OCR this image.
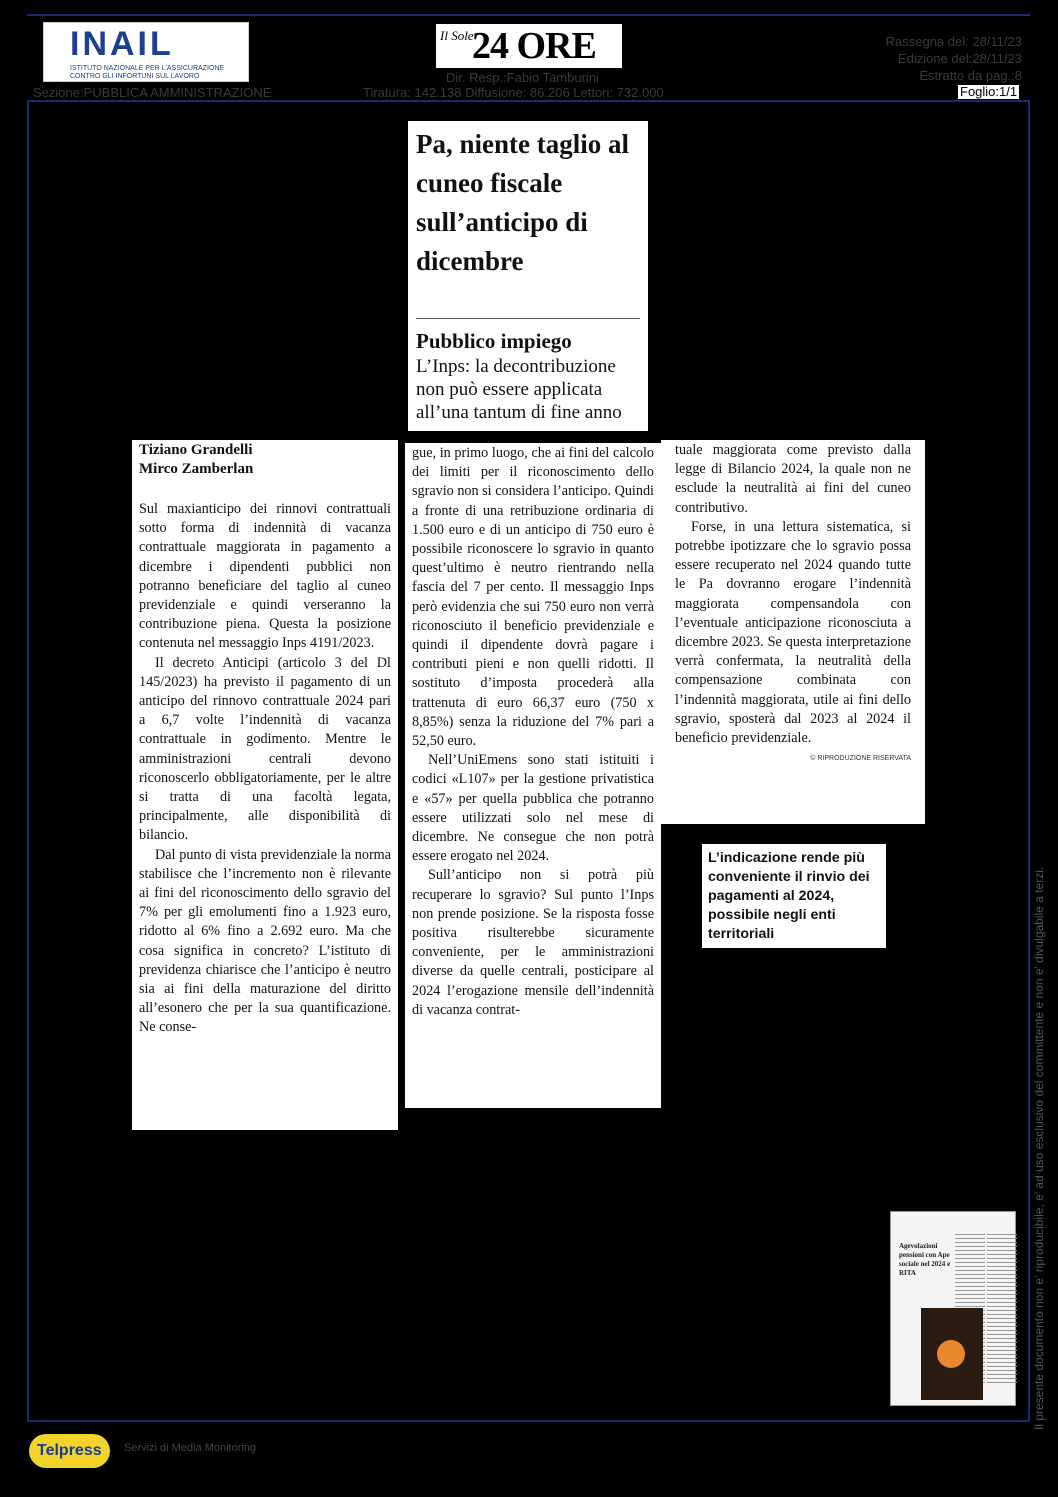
INAIL
ISTITUTO NAZIONALE PER L'ASSICURAZIONE CONTRO GLI INFORTUNI SUL LAVORO
Sezione:PUBBLICA AMMINISTRAZIONE
Il Sole
24 ORE
Dir. Resp.:Fabio Tamburini
Tiratura: 142.138 Diffusione: 86.206 Lettori: 732.000
Rassegna del: 28/11/23
Edizione del:28/11/23
Estratto da pag.:8
Foglio:1/1
Pa, niente taglio al cuneo fiscale sull’anticipo di dicembre
Pubblico impiego
L’Inps: la decontribuzione non può essere applicata all’una tantum di fine anno

Tiziano Grandelli
Mirco Zamberlan

Sul maxianticipo dei rinnovi contrattuali sotto forma di indennità di vacanza contrattuale maggiorata in pagamento a dicembre i dipendenti pubblici non potranno beneficiare del taglio al cuneo previdenziale e quindi verseranno la contribuzione piena. Questa la posizione contenuta nel messaggio Inps 4191/2023.

Il decreto Anticipi (articolo 3 del Dl 145/2023) ha previsto il pagamento di un anticipo del rinnovo contrattuale 2024 pari a 6,7 volte l’indennità di vacanza contrattuale in godimento. Mentre le amministrazioni centrali devono riconoscerlo obbligatoriamente, per le altre si tratta di una facoltà legata, principalmente, alle disponibilità di bilancio.

Dal punto di vista previdenziale la norma stabilisce che l’incremento non è rilevante ai fini del riconoscimento dello sgravio del 7% per gli emolumenti fino a 1.923 euro, ridotto al 6% fino a 2.692 euro. Ma che cosa significa in concreto? L’istituto di previdenza chiarisce che l’anticipo è neutro sia ai fini della maturazione del diritto all’esonero che per la sua quantificazione. Ne conse-

gue, in primo luogo, che ai fini del calcolo dei limiti per il riconoscimento dello sgravio non si considera l’anticipo. Quindi a fronte di una retribuzione ordinaria di 1.500 euro e di un anticipo di 750 euro è possibile riconoscere lo sgravio in quanto quest’ultimo è neutro rientrando nella fascia del 7 per cento. Il messaggio Inps però evidenzia che sui 750 euro non verrà riconosciuto il beneficio previdenziale e quindi il dipendente dovrà pagare i contributi pieni e non quelli ridotti. Il sostituto d’imposta procederà alla trattenuta di euro 66,37 euro (750 x 8,85%) senza la riduzione del 7% pari a 52,50 euro.

Nell’UniEmens sono stati istituiti i codici «L107» per la gestione privatistica e «57» per quella pubblica che potranno essere utilizzati solo nel mese di dicembre. Ne consegue che non potrà essere erogato nel 2024.

Sull’anticipo non si potrà più recuperare lo sgravio? Sul punto l’Inps non prende posizione. Se la risposta fosse positiva risulterebbe sicuramente conveniente, per le amministrazioni diverse da quelle centrali, posticipare al 2024 l’erogazione mensile dell’indennità di vacanza contrat-

tuale maggiorata come previsto dalla legge di Bilancio 2024, la quale non ne esclude la neutralità ai fini del cuneo contributivo.

Forse, in una lettura sistematica, si potrebbe ipotizzare che lo sgravio possa essere recuperato nel 2024 quando tutte le Pa dovranno erogare l’indennità maggiorata compensandola con l’eventuale anticipazione riconosciuta a dicembre 2023. Se questa interpretazione verrà confermata, la neutralità della compensazione combinata con l’indennità maggiorata, utile ai fini dello sgravio, sposterà dal 2023 al 2024 il beneficio previdenziale.

© RIPRODUZIONE RISERVATA

L’indicazione rende più conveniente il rinvio dei pagamenti al 2024, possibile negli enti territoriali
Agevolazioni pensioni con Ape sociale nel 2024 e RITA	Il presente documento non e' riproducibile, e' ad uso esclusivo del committente e non e' divulgabile a terzi.
Telpress Servizi di Media Monitoring
